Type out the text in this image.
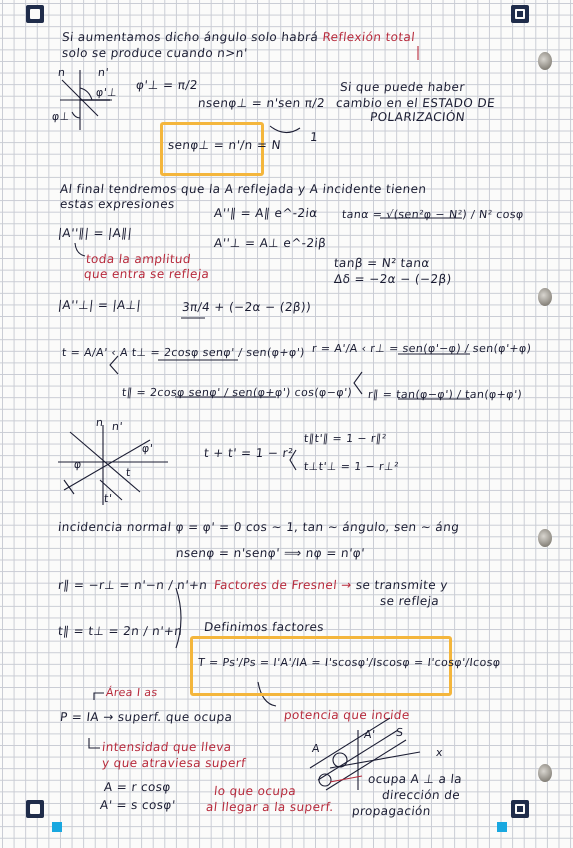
Si aumentamos dicho ángulo solo habrá Reflexión total
solo se produce cuando n>n'
n	n'
φ'⊥
φ⊥
φ'⊥ = π/2
nsenφ⊥ = n'sen π/2
senφ⊥ = n'/n = N
1
Si que puede haber
cambio en el ESTADO DE
POLARIZACIÓN
Al final tendremos que la A reflejada y A incidente tienen
estas expresiones
|A''∥| = |A∥|
A''∥ = A∥ e^-2iα
A''⊥ = A⊥ e^-2iβ
tanα = √(sen²φ − N²) / N² cosφ
tanβ = N² tanα
Δδ = −2α − (−2β)
toda la amplitud
que entra se refleja
|A''⊥| = |A⊥|	3π/4 + (−2α − (2β))
t = A/A' ‹ A t⊥ = 2cosφ senφ' / sen(φ+φ') r = A'/A ‹ r⊥ = sen(φ'−φ) / sen(φ'+φ)
t∥ = 2cosφ senφ' / sen(φ+φ') cos(φ−φ') r∥ = tan(φ−φ') / tan(φ+φ')
n n'
φ
φ'
t
t'
t + t' = 1 − r²
t∥t'∥ = 1 − r∥²
t⊥t'⊥ = 1 − r⊥²
incidencia normal φ = φ' = 0 cos ~ 1, tan ~ ángulo, sen ~ áng
nsenφ = n'senφ' ⟹ nφ = n'φ'
r∥ = −r⊥ = n'−n / n'+n
t∥ = t⊥ = 2n / n'+n
Factores de Fresnel → se transmite y
se refleja
Definimos factores
T = Ps'/Ps = I'A'/IA = I'scosφ'/Iscosφ = I'cosφ'/Icosφ
Área I as
P = IA → superf. que ocupa	potencia que incide
intensidad que lleva
y que atraviesa superf
A = r cosφ
A' = s cosφ'
lo que ocupa
al llegar a la superf.
A
A' S
x
ocupa A ⊥ a la
dirección de
propagación
